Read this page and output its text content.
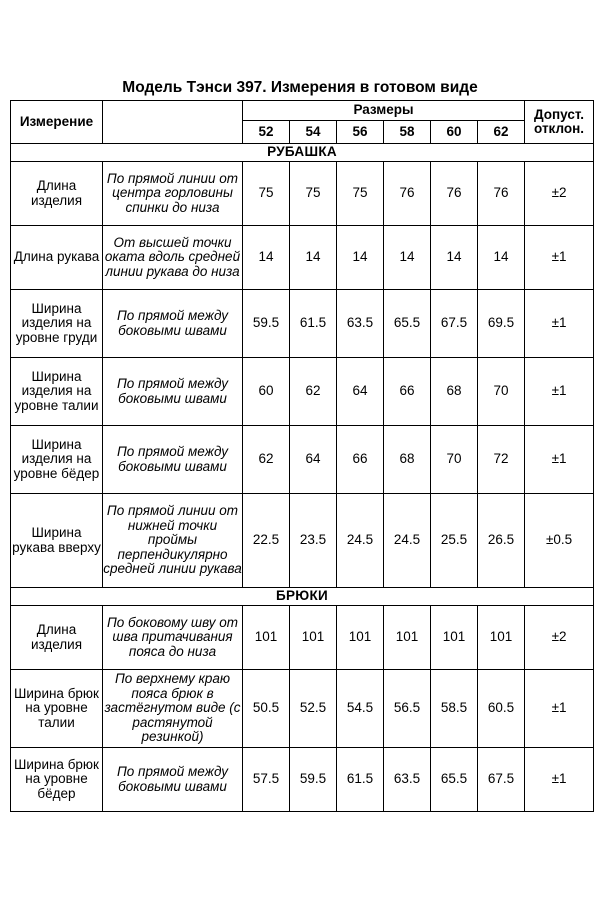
Модель Тэнси 397. Измерения в готовом виде
Измерение		Размеры						Допуст. отклон.
		52	54	56	58	60	62	
РУБАШКА								
Длина изделия	По прямой линии от центра горловины спинки до низа	75	75	75	76	76	76	±2
Длина рукава	От высшей точки оката вдоль средней линии рукава до низа	14	14	14	14	14	14	±1
Ширина изделия на уровне груди	По прямой между боковыми швами	59.5	61.5	63.5	65.5	67.5	69.5	±1
Ширина изделия на уровне талии	По прямой между боковыми швами	60	62	64	66	68	70	±1
Ширина изделия на уровне бёдер	По прямой между боковыми швами	62	64	66	68	70	72	±1
Ширина рукава вверху	По прямой линии от нижней точки проймы перпендикулярно средней линии рукава	22.5	23.5	24.5	24.5	25.5	26.5	±0.5
БРЮКИ								
Длина изделия	По боковому шву от шва притачивания пояса до низа	101	101	101	101	101	101	±2
Ширина брюк на уровне талии	По верхнему краю пояса брюк в застёгнутом виде (с растянутой резинкой)	50.5	52.5	54.5	56.5	58.5	60.5	±1
Ширина брюк на уровне бёдер	По прямой между боковыми швами	57.5	59.5	61.5	63.5	65.5	67.5	±1
